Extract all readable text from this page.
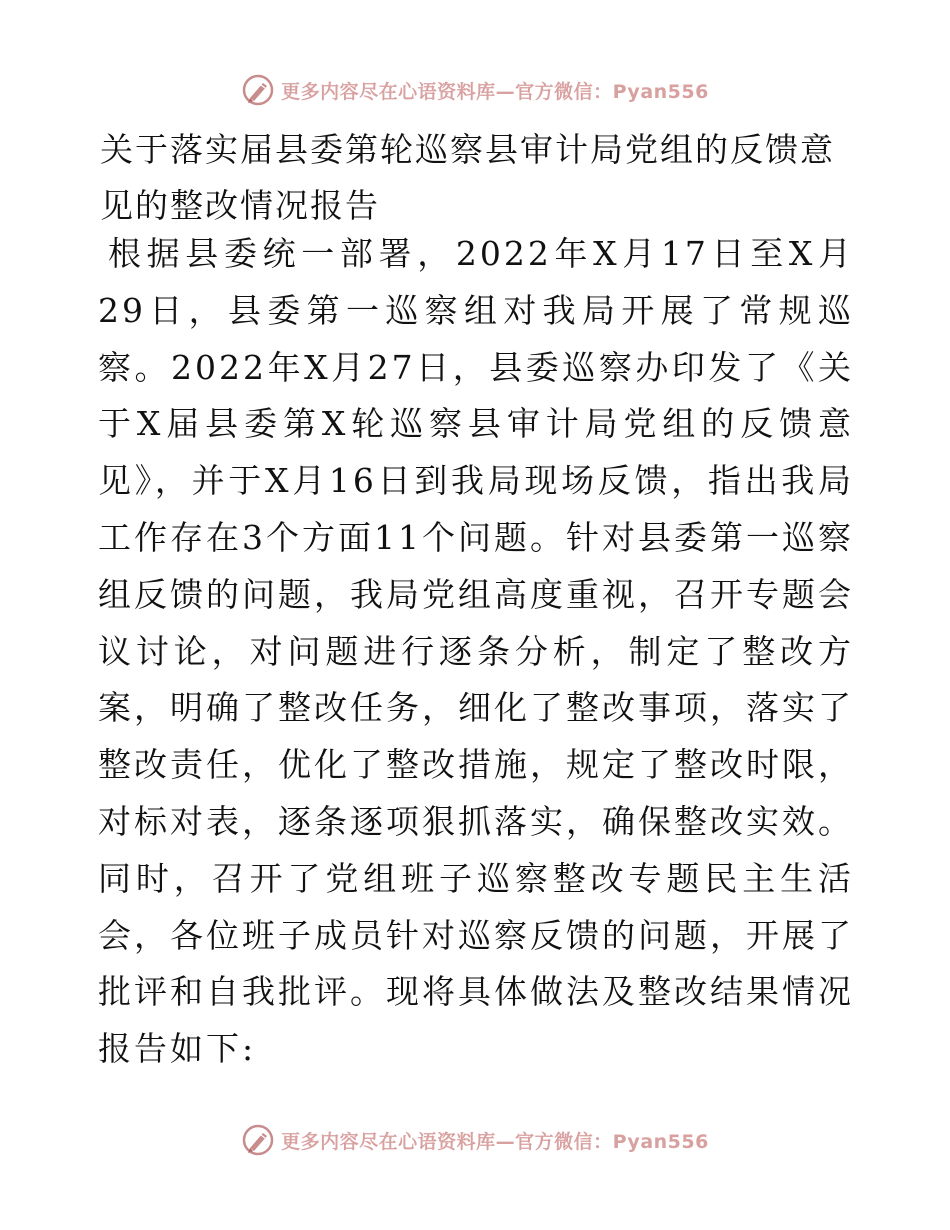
更多内容尽在心语资料库—官方微信：Pyan556
关于落实届县委第轮巡察县审计局党组的反馈意见的整改情况报告

根据县委统一部署，2022年X月17日至X月29日，县委第一巡察组对我局开展了常规巡察。2022年X月27日，县委巡察办印发了《关于X届县委第X轮巡察县审计局党组的反馈意见》，并于X月16日到我局现场反馈，指出我局工作存在3个方面11个问题。针对县委第一巡察组反馈的问题，我局党组高度重视，召开专题会议讨论，对问题进行逐条分析，制定了整改方案，明确了整改任务，细化了整改事项，落实了整改责任，优化了整改措施，规定了整改时限，对标对表，逐条逐项狠抓落实，确保整改实效。同时，召开了党组班子巡察整改专题民主生活会，各位班子成员针对巡察反馈的问题，开展了批评和自我批评。现将具体做法及整改结果情况报告如下:

更多内容尽在心语资料库—官方微信：Pyan556
